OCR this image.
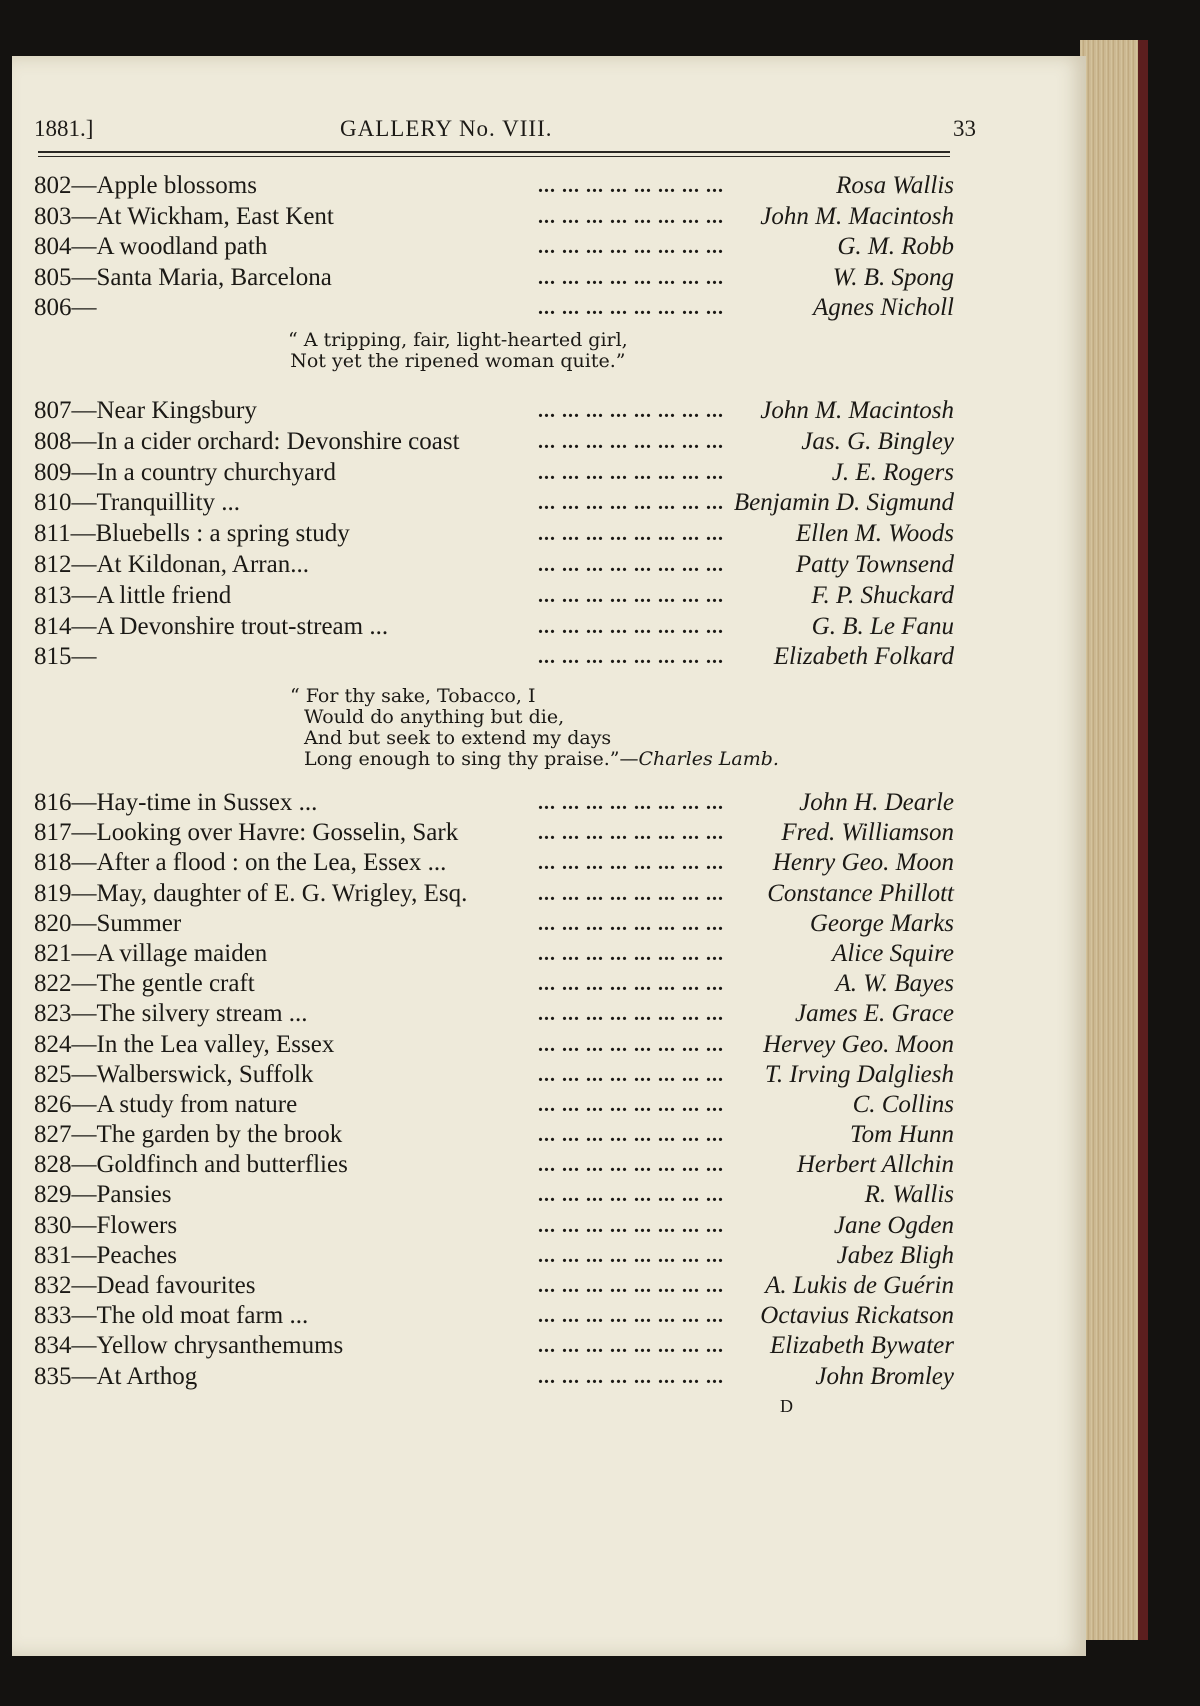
1881.]	GALLERY No. VIII.	33
... ... ... ... ... ... ... ...
802—Apple blossoms	Rosa Wallis
... ... ... ... ... ... ... ...
803—At Wickham, East Kent	John M. Macintosh
... ... ... ... ... ... ... ...
804—A woodland path	G. M. Robb
... ... ... ... ... ... ... ...
805—Santa Maria, Barcelona	W. B. Spong
... ... ... ... ... ... ... ...
806—	Agnes Nicholl
“ A tripping, fair, light-hearted girl,
Not yet the ripened woman quite.”
... ... ... ... ... ... ... ...
807—Near Kingsbury	John M. Macintosh
... ... ... ... ... ... ... ...
808—In a cider orchard: Devonshire coast	Jas. G. Bingley
... ... ... ... ... ... ... ...
809—In a country churchyard	J. E. Rogers
... ... ... ... ... ... ... ...
810—Tranquillity ...	Benjamin D. Sigmund
... ... ... ... ... ... ... ...
811—Bluebells : a spring study	Ellen M. Woods
... ... ... ... ... ... ... ...
812—At Kildonan, Arran...	Patty Townsend
... ... ... ... ... ... ... ...
813—A little friend	F. P. Shuckard
... ... ... ... ... ... ... ...
814—A Devonshire trout-stream ...	G. B. Le Fanu
... ... ... ... ... ... ... ...
815—	Elizabeth Folkard
“ For thy sake, Tobacco, I
Would do anything but die,
And but seek to extend my days
Long enough to sing thy praise.”—Charles Lamb.
... ... ... ... ... ... ... ...
816—Hay-time in Sussex ...	John H. Dearle
... ... ... ... ... ... ... ...
817—Looking over Havre: Gosselin, Sark	Fred. Williamson
... ... ... ... ... ... ... ...
818—After a flood : on the Lea, Essex ...	Henry Geo. Moon
... ... ... ... ... ... ... ...
819—May, daughter of E. G. Wrigley, Esq.	Constance Phillott
... ... ... ... ... ... ... ...
820—Summer	George Marks
... ... ... ... ... ... ... ...
821—A village maiden	Alice Squire
... ... ... ... ... ... ... ...
822—The gentle craft	A. W. Bayes
... ... ... ... ... ... ... ...
823—The silvery stream ...	James E. Grace
... ... ... ... ... ... ... ...
824—In the Lea valley, Essex	Hervey Geo. Moon
... ... ... ... ... ... ... ...
825—Walberswick, Suffolk	T. Irving Dalgliesh
... ... ... ... ... ... ... ...
826—A study from nature	C. Collins
... ... ... ... ... ... ... ...
827—The garden by the brook	Tom Hunn
... ... ... ... ... ... ... ...
828—Goldfinch and butterflies	Herbert Allchin
... ... ... ... ... ... ... ...
829—Pansies	R. Wallis
... ... ... ... ... ... ... ...
830—Flowers	Jane Ogden
... ... ... ... ... ... ... ...
831—Peaches	Jabez Bligh
... ... ... ... ... ... ... ...
832—Dead favourites	A. Lukis de Guérin
... ... ... ... ... ... ... ...
833—The old moat farm ...	Octavius Rickatson
... ... ... ... ... ... ... ...
834—Yellow chrysanthemums	Elizabeth Bywater
... ... ... ... ... ... ... ...
835—At Arthog	John Bromley
D
